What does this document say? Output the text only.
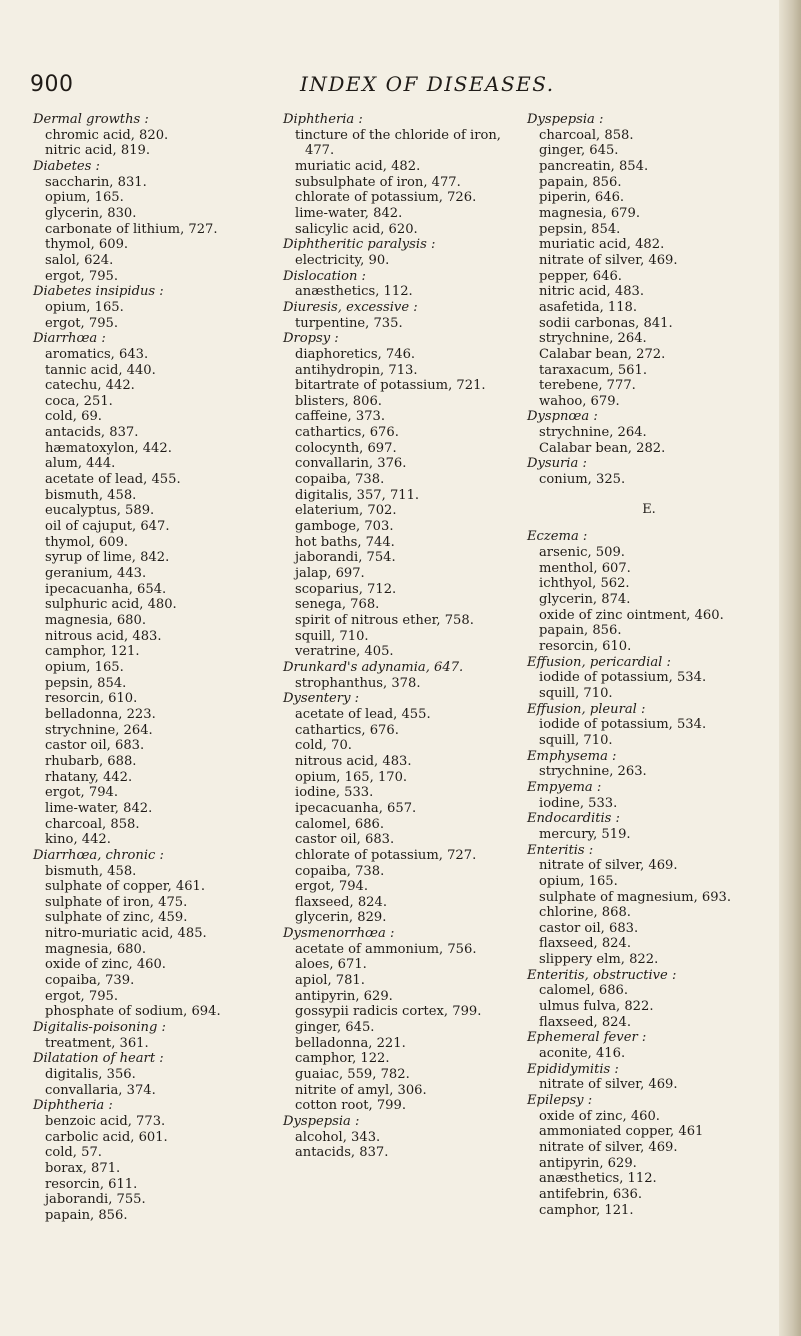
900	INDEX OF DISEASES.
Dermal growths :
chromic acid, 820.
nitric acid, 819.
Diabetes :
saccharin, 831.
opium, 165.
glycerin, 830.
carbonate of lithium, 727.
thymol, 609.
salol, 624.
ergot, 795.
Diabetes insipidus :
opium, 165.
ergot, 795.
Diarrhœa :
aromatics, 643.
tannic acid, 440.
catechu, 442.
coca, 251.
cold, 69.
antacids, 837.
hæmatoxylon, 442.
alum, 444.
acetate of lead, 455.
bismuth, 458.
eucalyptus, 589.
oil of cajuput, 647.
thymol, 609.
syrup of lime, 842.
geranium, 443.
ipecacuanha, 654.
sulphuric acid, 480.
magnesia, 680.
nitrous acid, 483.
camphor, 121.
opium, 165.
pepsin, 854.
resorcin, 610.
belladonna, 223.
strychnine, 264.
castor oil, 683.
rhubarb, 688.
rhatany, 442.
ergot, 794.
lime-water, 842.
charcoal, 858.
kino, 442.
Diarrhœa, chronic :
bismuth, 458.
sulphate of copper, 461.
sulphate of iron, 475.
sulphate of zinc, 459.
nitro-muriatic acid, 485.
magnesia, 680.
oxide of zinc, 460.
copaiba, 739.
ergot, 795.
phosphate of sodium, 694.
Digitalis-poisoning :
treatment, 361.
Dilatation of heart :
digitalis, 356.
convallaria, 374.
Diphtheria :
benzoic acid, 773.
carbolic acid, 601.
cold, 57.
borax, 871.
resorcin, 611.
jaborandi, 755.
papain, 856.
Diphtheria :
tincture of the chloride of iron, 477.
muriatic acid, 482.
subsulphate of iron, 477.
chlorate of potassium, 726.
lime-water, 842.
salicylic acid, 620.
Diphtheritic paralysis :
electricity, 90.
Dislocation :
anæsthetics, 112.
Diuresis, excessive :
turpentine, 735.
Dropsy :
diaphoretics, 746.
antihydropin, 713.
bitartrate of potassium, 721.
blisters, 806.
caffeine, 373.
cathartics, 676.
colocynth, 697.
convallarin, 376.
copaiba, 738.
digitalis, 357, 711.
elaterium, 702.
gamboge, 703.
hot baths, 744.
jaborandi, 754.
jalap, 697.
scoparius, 712.
senega, 768.
spirit of nitrous ether, 758.
squill, 710.
veratrine, 405.
Drunkard's adynamia, 647.
strophanthus, 378.
Dysentery :
acetate of lead, 455.
cathartics, 676.
cold, 70.
nitrous acid, 483.
opium, 165, 170.
iodine, 533.
ipecacuanha, 657.
calomel, 686.
castor oil, 683.
chlorate of potassium, 727.
copaiba, 738.
ergot, 794.
flaxseed, 824.
glycerin, 829.
Dysmenorrhœa :
acetate of ammonium, 756.
aloes, 671.
apiol, 781.
antipyrin, 629.
gossypii radicis cortex, 799.
ginger, 645.
belladonna, 221.
camphor, 122.
guaiac, 559, 782.
nitrite of amyl, 306.
cotton root, 799.
Dyspepsia :
alcohol, 343.
antacids, 837.
Dyspepsia :
charcoal, 858.
ginger, 645.
pancreatin, 854.
papain, 856.
piperin, 646.
magnesia, 679.
pepsin, 854.
muriatic acid, 482.
nitrate of silver, 469.
pepper, 646.
nitric acid, 483.
asafetida, 118.
sodii carbonas, 841.
strychnine, 264.
Calabar bean, 272.
taraxacum, 561.
terebene, 777.
wahoo, 679.
Dyspnœa :
strychnine, 264.
Calabar bean, 282.
Dysuria :
conium, 325.
E.
Eczema :
arsenic, 509.
menthol, 607.
ichthyol, 562.
glycerin, 874.
oxide of zinc ointment, 460.
papain, 856.
resorcin, 610.
Effusion, pericardial :
iodide of potassium, 534.
squill, 710.
Effusion, pleural :
iodide of potassium, 534.
squill, 710.
Emphysema :
strychnine, 263.
Empyema :
iodine, 533.
Endocarditis :
mercury, 519.
Enteritis :
nitrate of silver, 469.
opium, 165.
sulphate of magnesium, 693.
chlorine, 868.
castor oil, 683.
flaxseed, 824.
slippery elm, 822.
Enteritis, obstructive :
calomel, 686.
ulmus fulva, 822.
flaxseed, 824.
Ephemeral fever :
aconite, 416.
Epididymitis :
nitrate of silver, 469.
Epilepsy :
oxide of zinc, 460.
ammoniated copper, 461
nitrate of silver, 469.
antipyrin, 629.
anæsthetics, 112.
antifebrin, 636.
camphor, 121.
